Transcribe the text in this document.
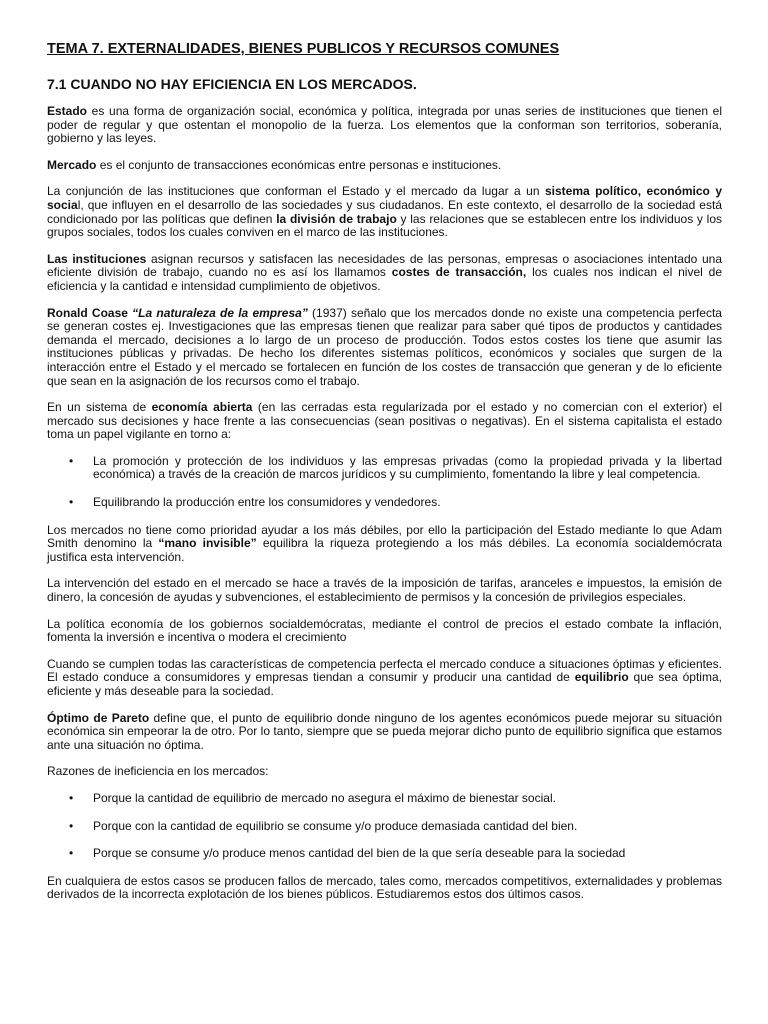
TEMA 7. EXTERNALIDADES, BIENES PUBLICOS Y RECURSOS COMUNES
7.1 CUANDO NO HAY EFICIENCIA EN LOS MERCADOS.

Estado es una forma de organización social, económica y política, integrada por unas series de instituciones que tienen el poder de regular y que ostentan el monopolio de la fuerza. Los elementos que la conforman son territorios, soberanía, gobierno y las leyes.

Mercado es el conjunto de transacciones económicas entre personas e instituciones.

La conjunción de las instituciones que conforman el Estado y el mercado da lugar a un sistema político, económico y social, que influyen en el desarrollo de las sociedades y sus ciudadanos. En este contexto, el desarrollo de la sociedad está condicionado por las políticas que definen la división de trabajo y las relaciones que se establecen entre los individuos y los grupos sociales, todos los cuales conviven en el marco de las instituciones.

Las instituciones asignan recursos y satisfacen las necesidades de las personas, empresas o asociaciones intentado una eficiente división de trabajo, cuando no es así los llamamos costes de transacción, los cuales nos indican el nivel de eficiencia y la cantidad e intensidad cumplimiento de objetivos.

Ronald Coase “La naturaleza de la empresa” (1937) señalo que los mercados donde no existe una competencia perfecta se generan costes ej. Investigaciones que las empresas tienen que realizar para saber qué tipos de productos y cantidades demanda el mercado, decisiones a lo largo de un proceso de producción. Todos estos costes los tiene que asumir las instituciones públicas y privadas. De hecho los diferentes sistemas políticos, económicos y sociales que surgen de la interacción entre el Estado y el mercado se fortalecen en función de los costes de transacción que generan y de lo eficiente que sean en la asignación de los recursos como el trabajo.

En un sistema de economía abierta (en las cerradas esta regularizada por el estado y no comercian con el exterior) el mercado sus decisiones y hace frente a las consecuencias (sean positivas o negativas). En el sistema capitalista el estado toma un papel vigilante en torno a:

• La promoción y protección de los individuos y las empresas privadas (como la propiedad privada y la libertad económica) a través de la creación de marcos jurídicos y su cumplimiento, fomentando la libre y leal competencia.
• Equilibrando la producción entre los consumidores y vendedores.

Los mercados no tiene como prioridad ayudar a los más débiles, por ello la participación del Estado mediante lo que Adam Smith denomino la “mano invisible” equilibra la riqueza protegiendo a los más débiles. La economía socialdemócrata justifica esta intervención.

La intervención del estado en el mercado se hace a través de la imposición de tarifas, aranceles e impuestos, la emisión de dinero, la concesión de ayudas y subvenciones, el establecimiento de permisos y la concesión de privilegios especiales.

La política economía de los gobiernos socialdemócratas, mediante el control de precios el estado combate la inflación, fomenta la inversión e incentiva o modera el crecimiento

Cuando se cumplen todas las características de competencia perfecta el mercado conduce a situaciones óptimas y eficientes. El estado conduce a consumidores y empresas tiendan a consumir y producir una cantidad de equilibrio que sea óptima, eficiente y más deseable para la sociedad.

Óptimo de Pareto define que, el punto de equilibrio donde ninguno de los agentes económicos puede mejorar su situación económica sin empeorar la de otro. Por lo tanto, siempre que se pueda mejorar dicho punto de equilibrio significa que estamos ante una situación no óptima.

Razones de ineficiencia en los mercados:

• Porque la cantidad de equilibrio de mercado no asegura el máximo de bienestar social.
• Porque con la cantidad de equilibrio se consume y/o produce demasiada cantidad del bien.
• Porque se consume y/o produce menos cantidad del bien de la que sería deseable para la sociedad

En cualquiera de estos casos se producen fallos de mercado, tales como, mercados competitivos, externalidades y problemas derivados de la incorrecta explotación de los bienes públicos. Estudiaremos estos dos últimos casos.
